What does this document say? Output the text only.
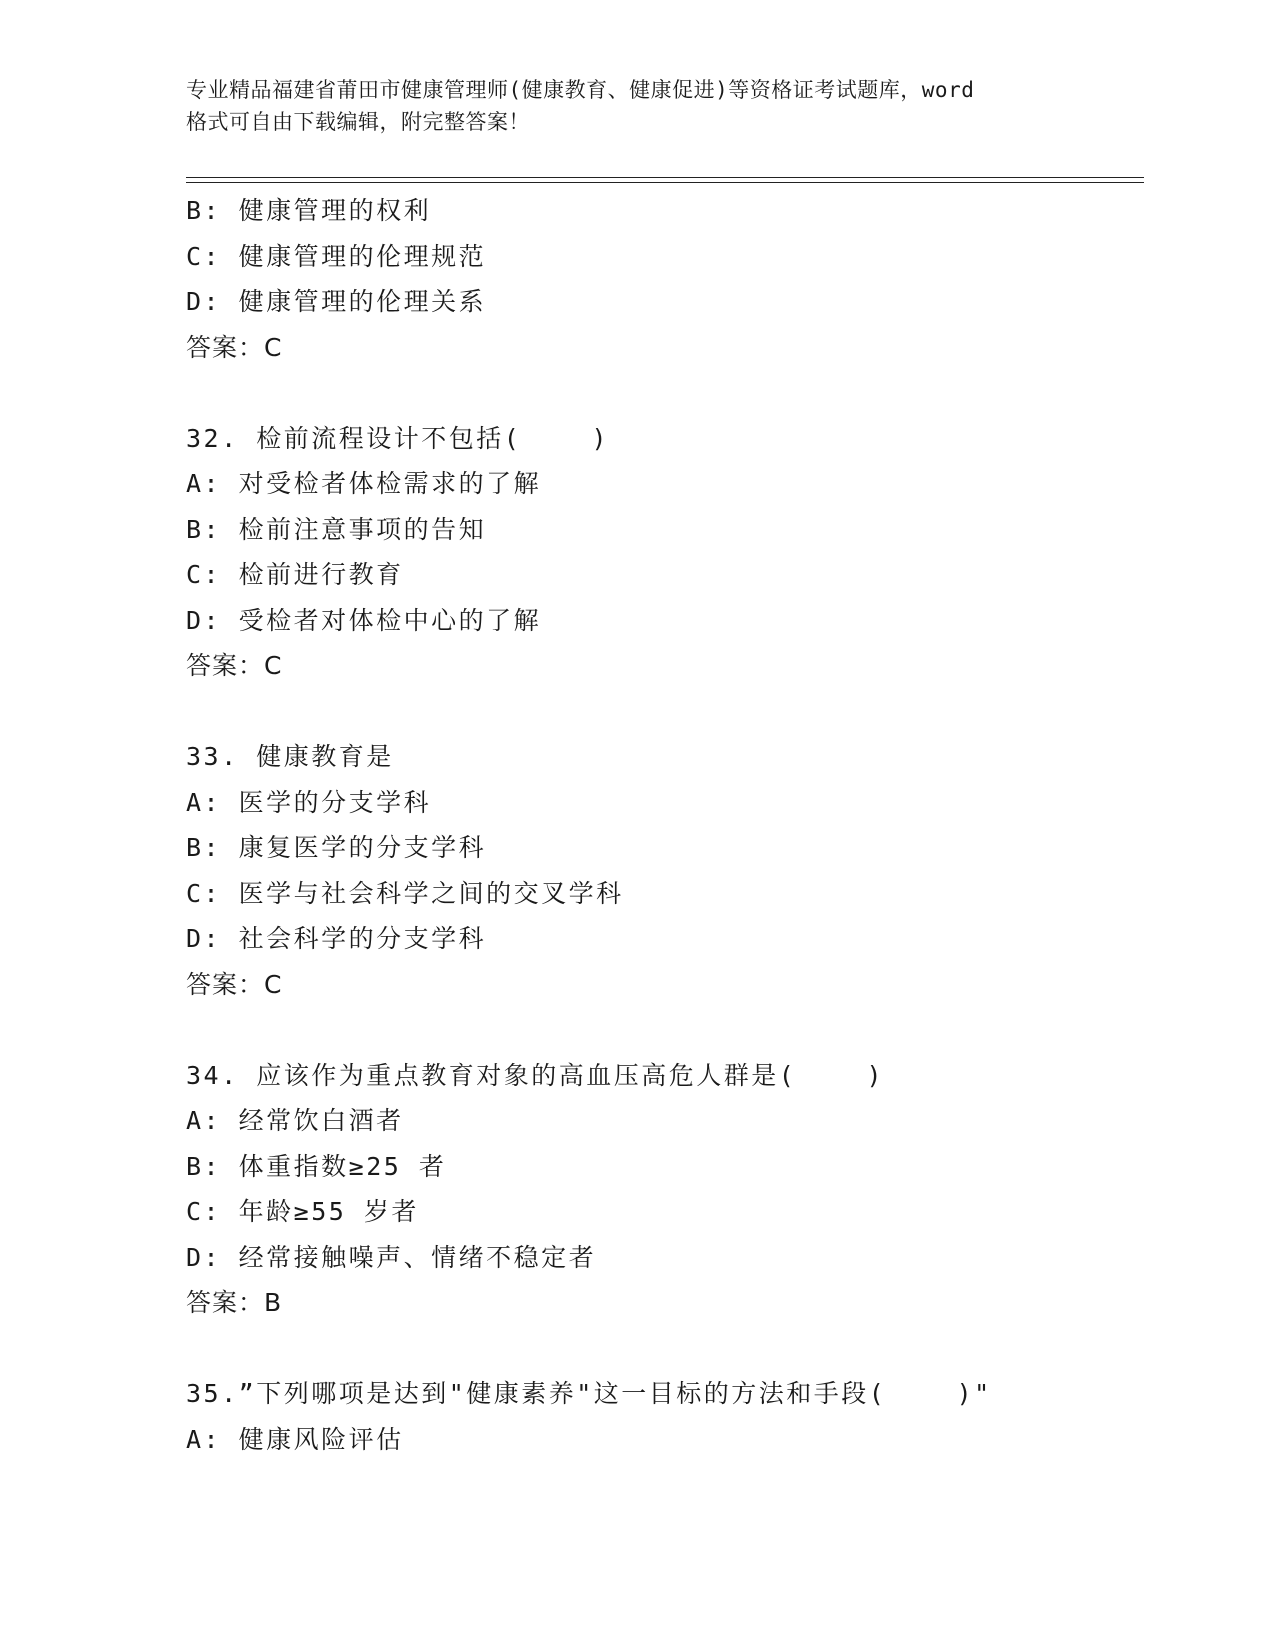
专业精品福建省莆田市健康管理师(健康教育、健康促进)等资格证考试题库，word
格式可自由下载编辑，附完整答案！
B: 健康管理的权利
C: 健康管理的伦理规范
D: 健康管理的伦理关系
答案：C
32. 检前流程设计不包括(    )
A: 对受检者体检需求的了解
B: 检前注意事项的告知
C: 检前进行教育
D: 受检者对体检中心的了解
答案：C
33. 健康教育是
A: 医学的分支学科
B: 康复医学的分支学科
C: 医学与社会科学之间的交叉学科
D: 社会科学的分支学科
答案：C
34. 应该作为重点教育对象的高血压高危人群是(    )
A: 经常饮白酒者
B: 体重指数≥25 者
C: 年龄≥55 岁者
D: 经常接触噪声、情绪不稳定者
答案：B
35.”下列哪项是达到"健康素养"这一目标的方法和手段(    )"
A: 健康风险评估
